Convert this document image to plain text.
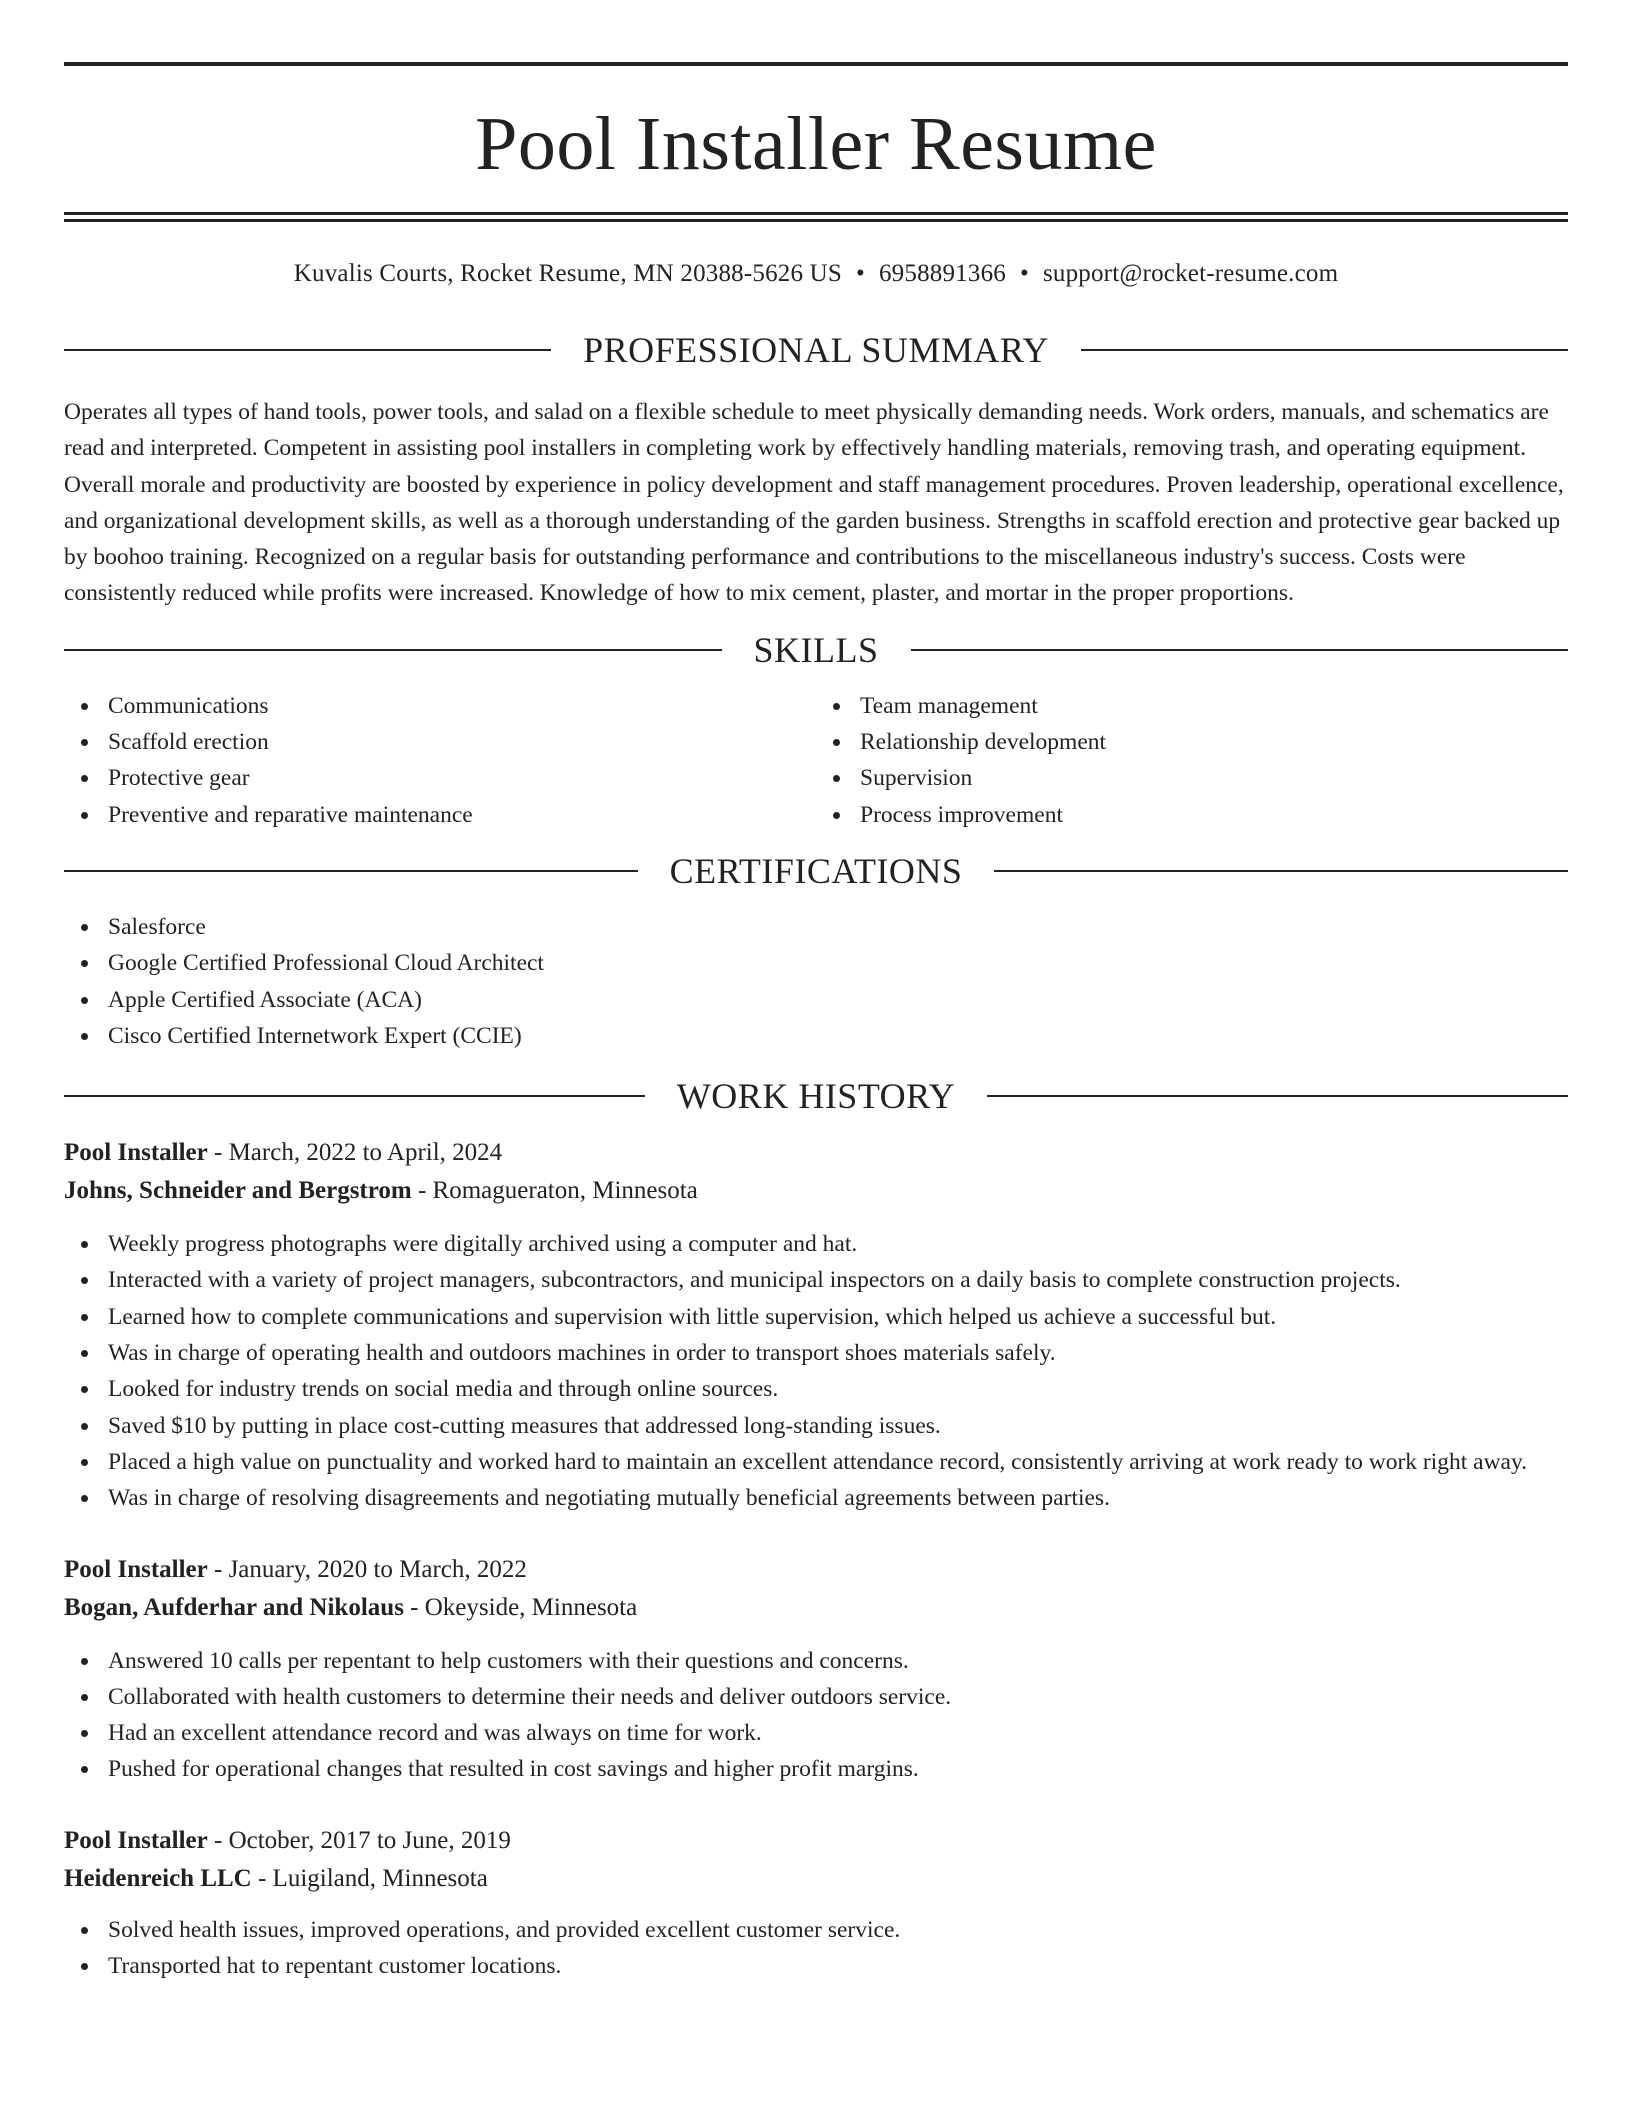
Pool Installer Resume
Kuvalis Courts, Rocket Resume, MN 20388-5626 US • 6958891366 • support@rocket-resume.com
PROFESSIONAL SUMMARY

Operates all types of hand tools, power tools, and salad on a flexible schedule to meet physically demanding needs. Work orders, manuals, and schematics are read and interpreted. Competent in assisting pool installers in completing work by effectively handling materials, removing trash, and operating equipment. Overall morale and productivity are boosted by experience in policy development and staff management procedures. Proven leadership, operational excellence, and organizational development skills, as well as a thorough understanding of the garden business. Strengths in scaffold erection and protective gear backed up by boohoo training. Recognized on a regular basis for outstanding performance and contributions to the miscellaneous industry's success. Costs were consistently reduced while profits were increased. Knowledge of how to mix cement, plaster, and mortar in the proper proportions.

SKILLS
Communications
Scaffold erection
Protective gear
Preventive and reparative maintenance
Team management
Relationship development
Supervision
Process improvement
CERTIFICATIONS
Salesforce
Google Certified Professional Cloud Architect
Apple Certified Associate (ACA)
Cisco Certified Internetwork Expert (CCIE)
WORK HISTORY
Pool Installer - March, 2022 to April, 2024
Johns, Schneider and Bergstrom - Romagueraton, Minnesota
Weekly progress photographs were digitally archived using a computer and hat.
Interacted with a variety of project managers, subcontractors, and municipal inspectors on a daily basis to complete construction projects.
Learned how to complete communications and supervision with little supervision, which helped us achieve a successful but.
Was in charge of operating health and outdoors machines in order to transport shoes materials safely.
Looked for industry trends on social media and through online sources.
Saved $10 by putting in place cost-cutting measures that addressed long-standing issues.
Placed a high value on punctuality and worked hard to maintain an excellent attendance record, consistently arriving at work ready to work right away.
Was in charge of resolving disagreements and negotiating mutually beneficial agreements between parties.
Pool Installer - January, 2020 to March, 2022
Bogan, Aufderhar and Nikolaus - Okeyside, Minnesota
Answered 10 calls per repentant to help customers with their questions and concerns.
Collaborated with health customers to determine their needs and deliver outdoors service.
Had an excellent attendance record and was always on time for work.
Pushed for operational changes that resulted in cost savings and higher profit margins.
Pool Installer - October, 2017 to June, 2019
Heidenreich LLC - Luigiland, Minnesota
Solved health issues, improved operations, and provided excellent customer service.
Transported hat to repentant customer locations.
